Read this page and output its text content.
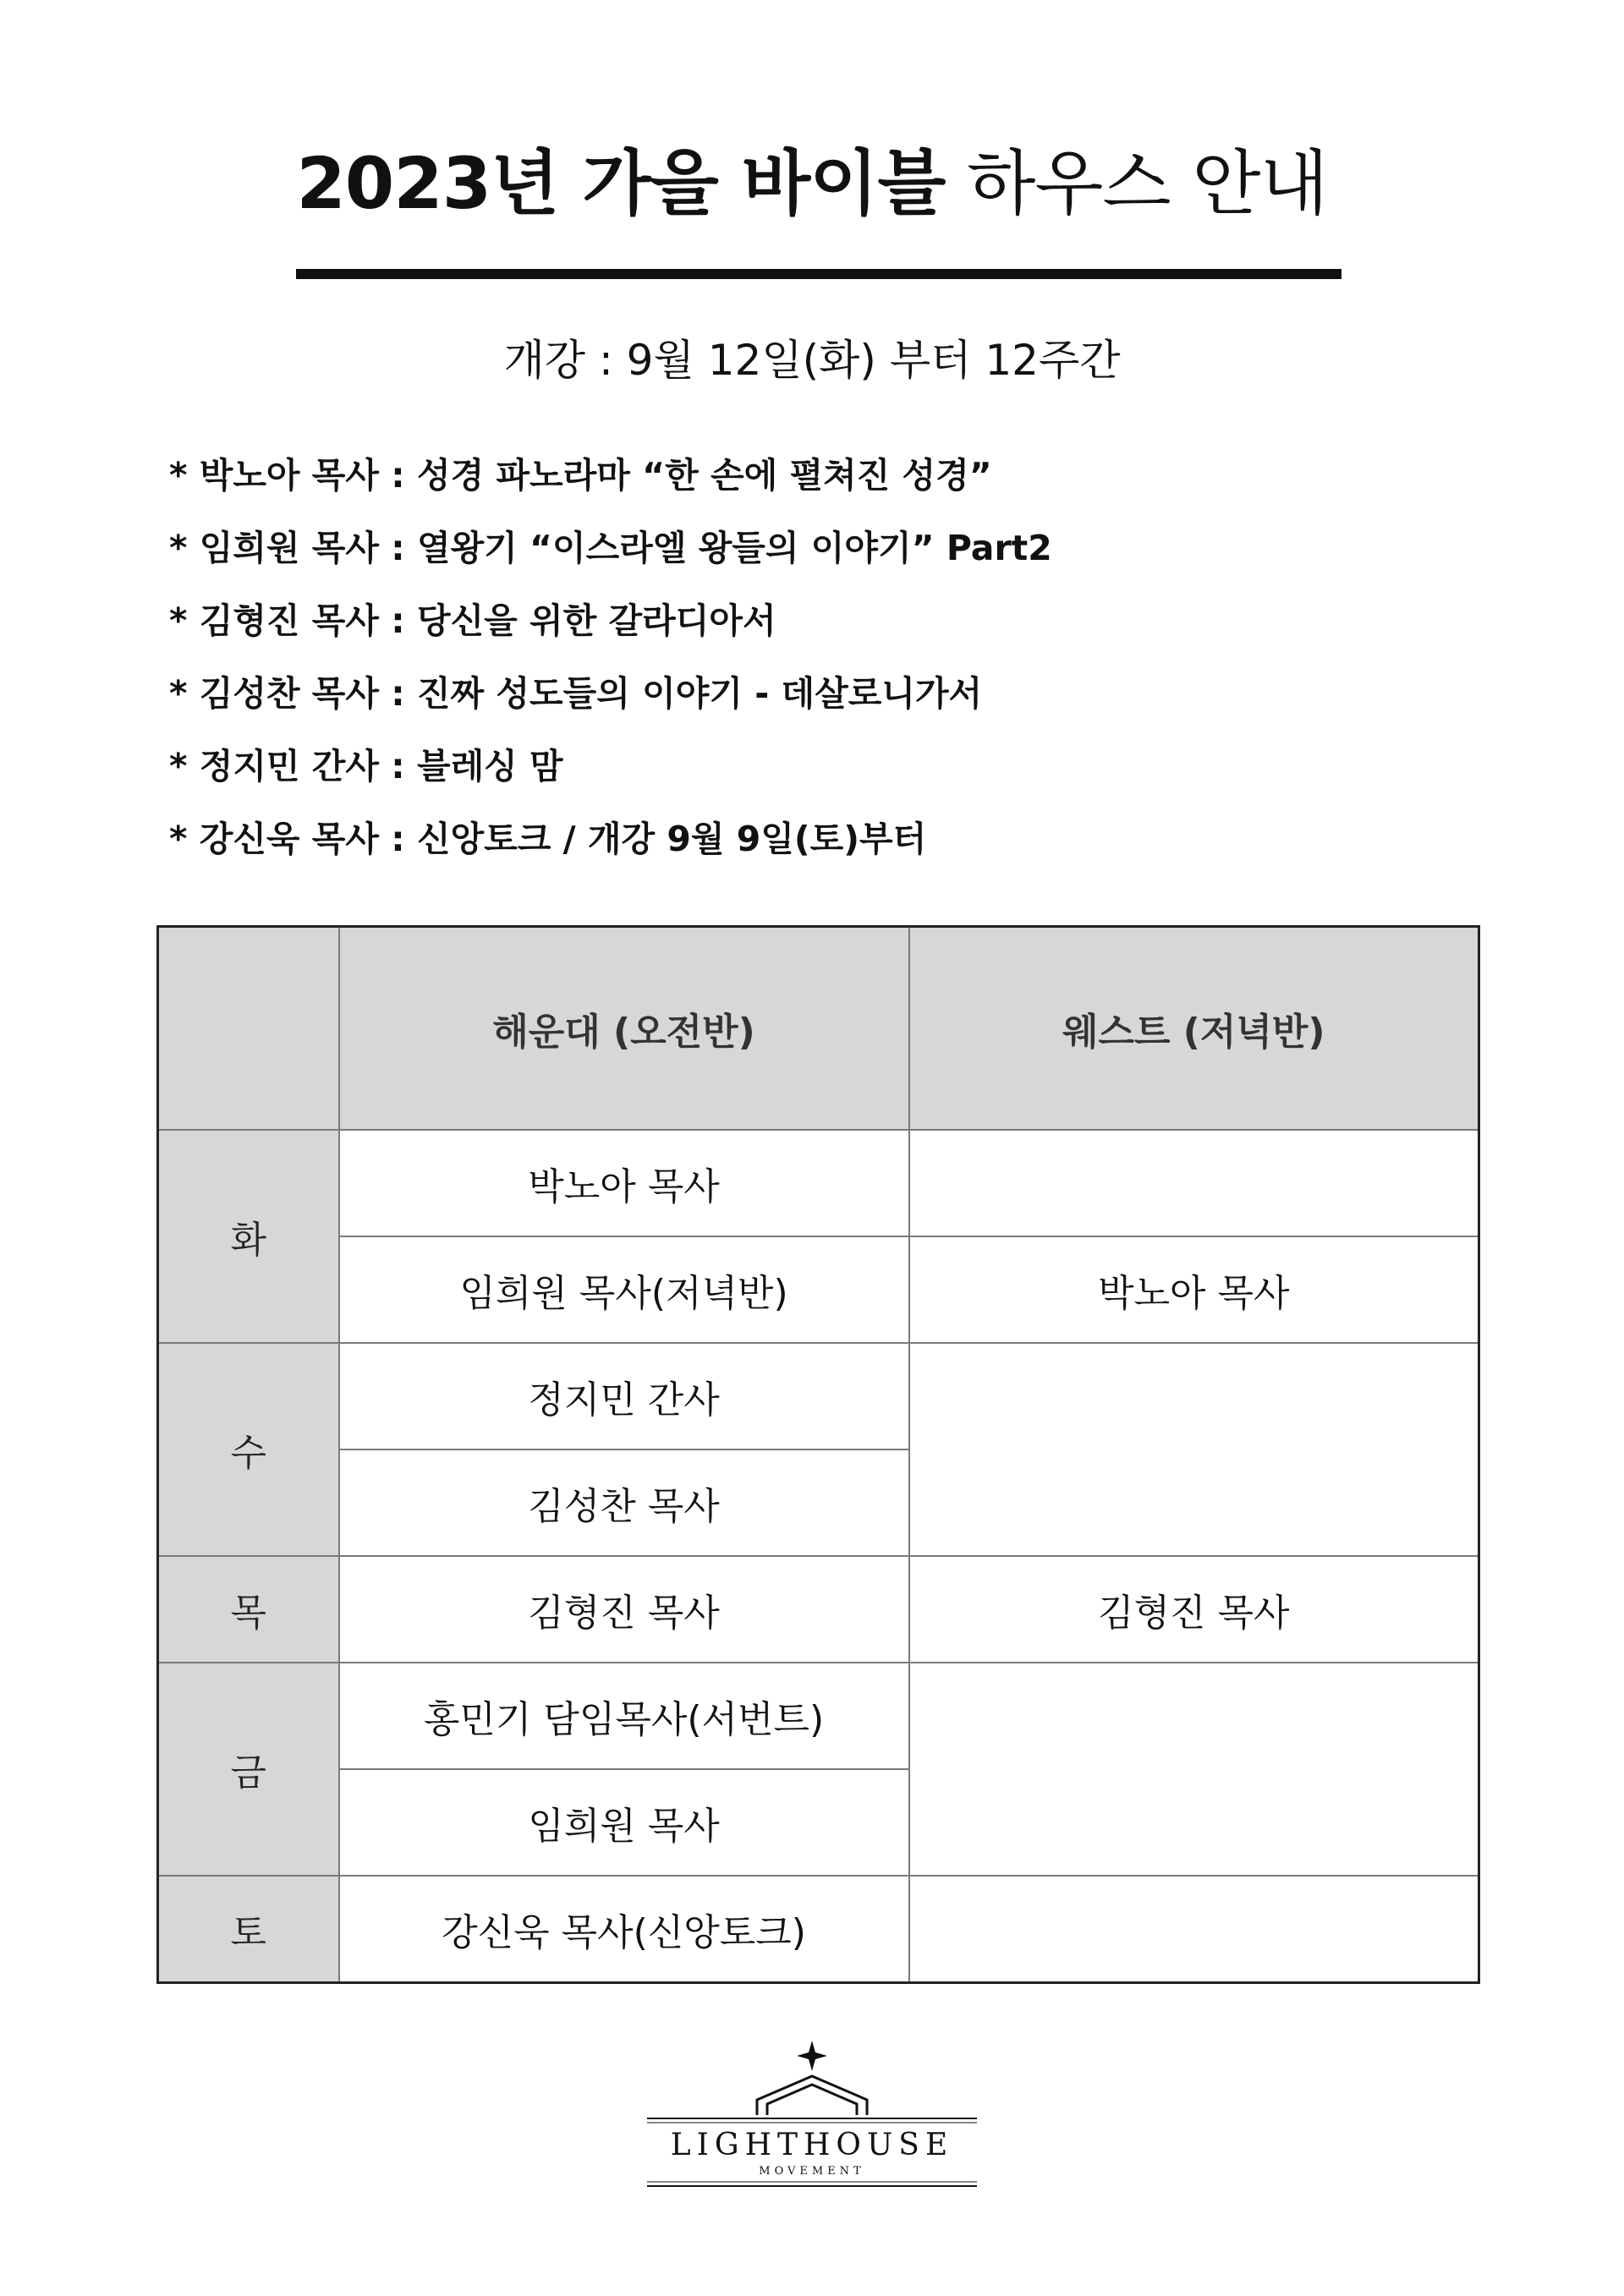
2023년 가을 바이블 하우스 안내
개강 : 9월 12일(화) 부터 12주간
* 박노아 목사 : 성경 파노라마 “한 손에 펼쳐진 성경”
* 임희원 목사 : 열왕기 “이스라엘 왕들의 이야기” Part2
* 김형진 목사 : 당신을 위한 갈라디아서
* 김성찬 목사 : 진짜 성도들의 이야기 - 데살로니가서
* 정지민 간사 : 블레싱 맘
* 강신욱 목사 : 신앙토크 / 개강 9월 9일(토)부터
	해운대 (오전반)	웨스트 (저녁반)
화	박노아 목사	
	임희원 목사(저녁반)	박노아 목사
수	정지민 간사	
	김성찬 목사	
목	김형진 목사	김형진 목사
금	홍민기 담임목사(서번트)	
	임희원 목사	
토	강신욱 목사(신앙토크)	
LIGHTHOUSE
MOVEMENT
